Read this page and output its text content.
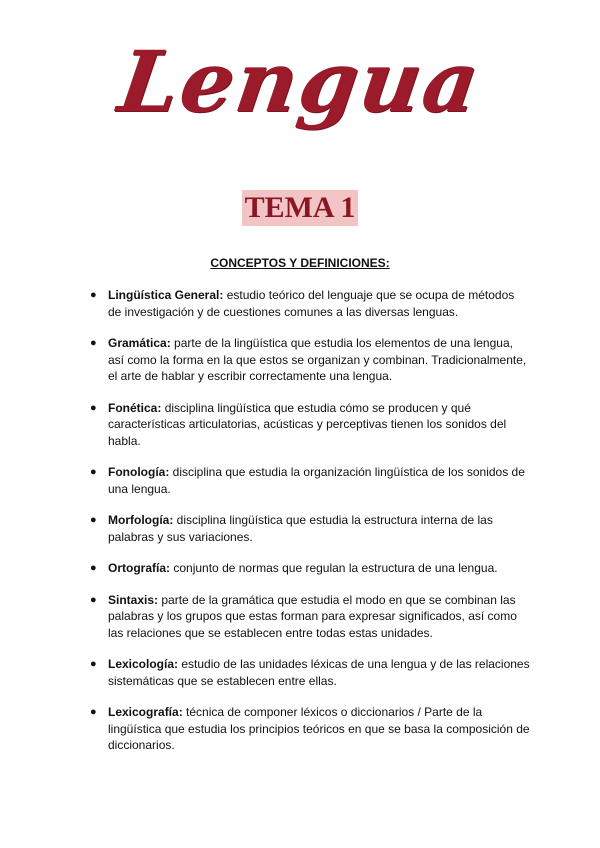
Lengua
TEMA 1
CONCEPTOS Y DEFINICIONES:
● Lingüística General: estudio teórico del lenguaje que se ocupa de métodos de investigación y de cuestiones comunes a las diversas lenguas.
● Gramática: parte de la lingüística que estudia los elementos de una lengua, así como la forma en la que estos se organizan y combinan. Tradicionalmente, el arte de hablar y escribir correctamente una lengua.
● Fonética: disciplina lingüística que estudia cómo se producen y qué características articulatorias, acústicas y perceptivas tienen los sonidos del habla.
● Fonología: disciplina que estudia la organización lingüística de los sonidos de una lengua.
● Morfología: disciplina lingüística que estudia la estructura interna de las palabras y sus variaciones.
● Ortografía: conjunto de normas que regulan la estructura de una lengua.
● Sintaxis: parte de la gramática que estudia el modo en que se combinan las palabras y los grupos que estas forman para expresar significados, así como las relaciones que se establecen entre todas estas unidades.
● Lexicología: estudio de las unidades léxicas de una lengua y de las relaciones sistemáticas que se establecen entre ellas.
● Lexicografía: técnica de componer léxicos o diccionarios / Parte de la lingüística que estudia los principios teóricos en que se basa la composición de diccionarios.
